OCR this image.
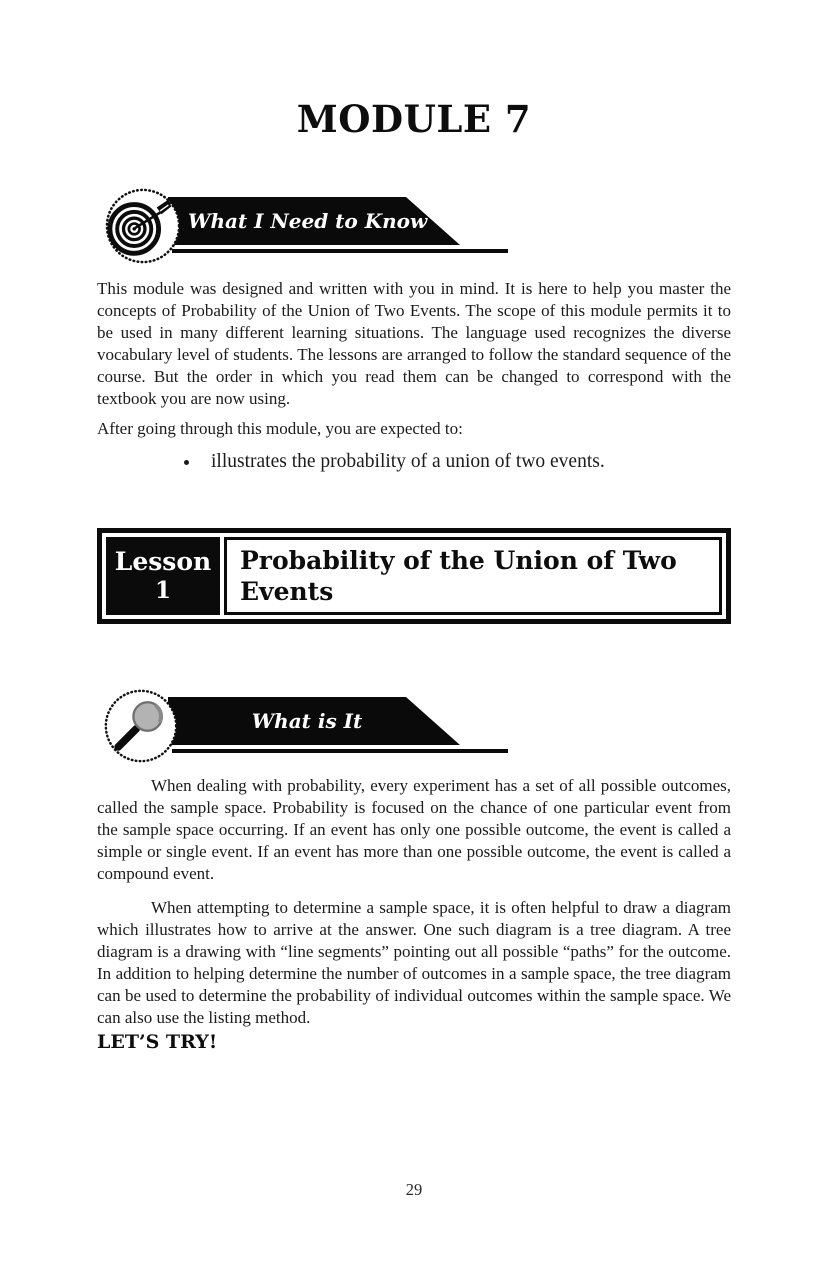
MODULE 7
What I Need to Know

This module was designed and written with you in mind. It is here to help you master the concepts of Probability of the Union of Two Events. The scope of this module permits it to be used in many different learning situations. The language used recognizes the diverse vocabulary level of students. The lessons are arranged to follow the standard sequence of the course. But the order in which you read them can be changed to correspond with the textbook you are now using.

After going through this module, you are expected to:

• illustrates the probability of a union of two events.
Lesson
1
Probability of the Union of Two Events
What is It

When dealing with probability, every experiment has a set of all possible outcomes, called the sample space. Probability is focused on the chance of one particular event from the sample space occurring. If an event has only one possible outcome, the event is called a simple or single event. If an event has more than one possible outcome, the event is called a compound event.

When attempting to determine a sample space, it is often helpful to draw a diagram which illustrates how to arrive at the answer. One such diagram is a tree diagram. A tree diagram is a drawing with “line segments” pointing out all possible “paths” for the outcome. In addition to helping determine the number of outcomes in a sample space, the tree diagram can be used to determine the probability of individual outcomes within the sample space. We can also use the listing method.

LET’S TRY!

29
